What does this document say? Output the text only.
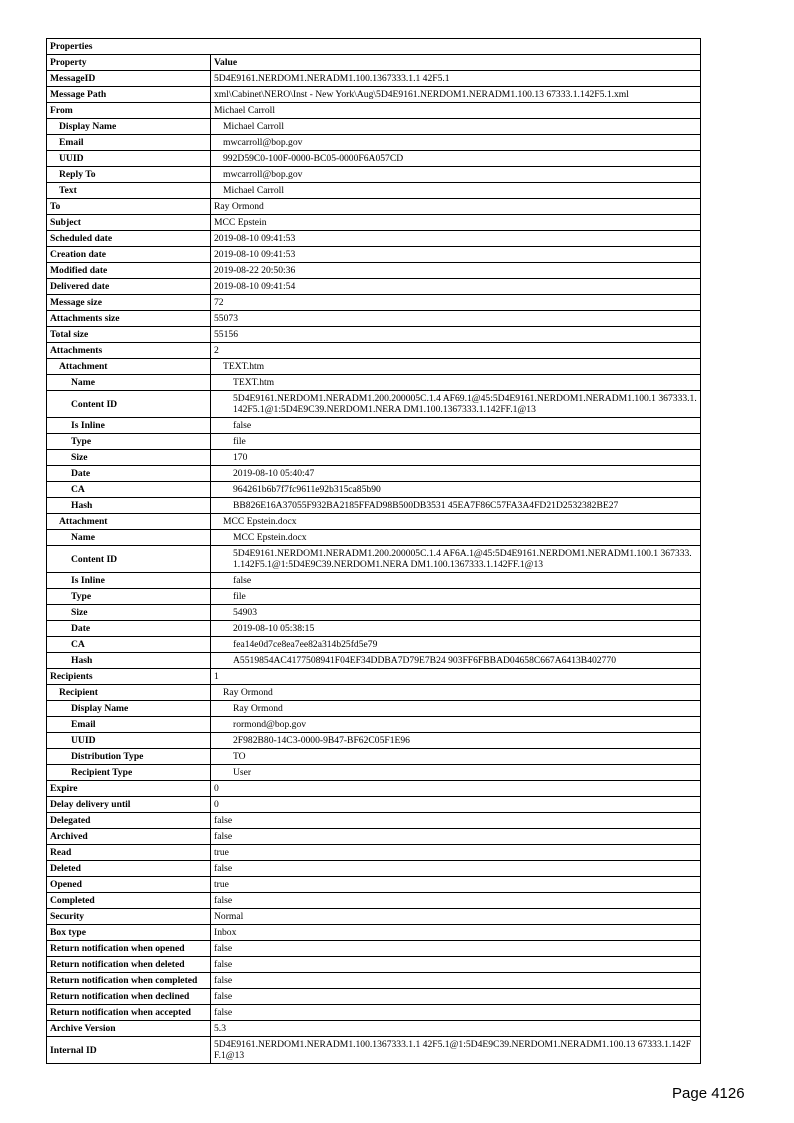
Properties	
Property	Value
MessageID	5D4E9161.NERDOM1.NERADM1.100.1367333.1.1 42F5.1
Message Path	xml\Cabinet\NERO\Inst - New York\Aug\5D4E9161.NERDOM1.NERADM1.100.13 67333.1.142F5.1.xml
From	Michael Carroll
Display Name	Michael Carroll
Email	mwcarroll@bop.gov
UUID	992D59C0-100F-0000-BC05-0000F6A057CD
Reply To	mwcarroll@bop.gov
Text	Michael Carroll
To	Ray Ormond
Subject	MCC Epstein
Scheduled date	2019-08-10 09:41:53
Creation date	2019-08-10 09:41:53
Modified date	2019-08-22 20:50:36
Delivered date	2019-08-10 09:41:54
Message size	72
Attachments size	55073
Total size	55156
Attachments	2
Attachment	TEXT.htm
Name	TEXT.htm
Content ID	5D4E9161.NERDOM1.NERADM1.200.200005C.1.4 AF69.1@45:5D4E9161.NERDOM1.NERADM1.100.1 367333.1.142F5.1@1:5D4E9C39.NERDOM1.NERA DM1.100.1367333.1.142FF.1@13
Is Inline	false
Type	file
Size	170
Date	2019-08-10 05:40:47
CA	964261b6b7f7fc9611e92b315ca85b90
Hash	BB826E16A37055F932BA2185FFAD98B500DB3531 45EA7F86C57FA3A4FD21D2532382BE27
Attachment	MCC Epstein.docx
Name	MCC Epstein.docx
Content ID	5D4E9161.NERDOM1.NERADM1.200.200005C.1.4 AF6A.1@45:5D4E9161.NERDOM1.NERADM1.100.1 367333.1.142F5.1@1:5D4E9C39.NERDOM1.NERA DM1.100.1367333.1.142FF.1@13
Is Inline	false
Type	file
Size	54903
Date	2019-08-10 05:38:15
CA	fea14e0d7ce8ea7ee82a314b25fd5e79
Hash	A5519854AC4177508941F04EF34DDBA7D79E7B24 903FF6FBBAD04658C667A6413B402770
Recipients	1
Recipient	Ray Ormond
Display Name	Ray Ormond
Email	rormond@bop.gov
UUID	2F982B80-14C3-0000-9B47-BF62C05F1E96
Distribution Type	TO
Recipient Type	User
Expire	0
Delay delivery until	0
Delegated	false
Archived	false
Read	true
Deleted	false
Opened	true
Completed	false
Security	Normal
Box type	Inbox
Return notification when opened	false
Return notification when deleted	false
Return notification when completed	false
Return notification when declined	false
Return notification when accepted	false
Archive Version	5.3
Internal ID	5D4E9161.NERDOM1.NERADM1.100.1367333.1.1 42F5.1@1:5D4E9C39.NERDOM1.NERADM1.100.13 67333.1.142FF.1@13
Page 4126
